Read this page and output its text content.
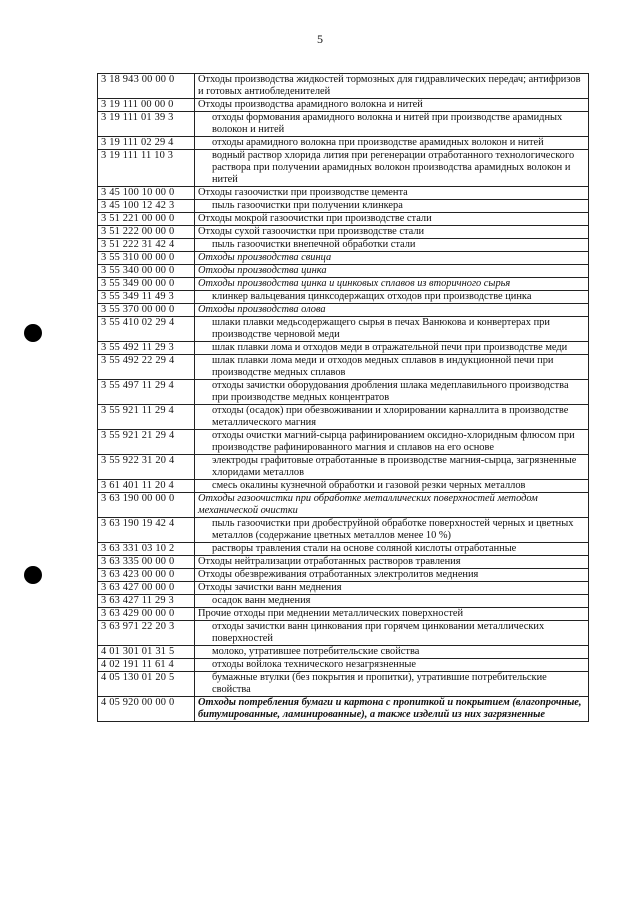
5
3 18 943 00 00 0	Отходы производства жидкостей тормозных для гидравлических передач; антифризов и готовых антиобледенителей
3 19 111 00 00 0	Отходы производства арамидного волокна и нитей
3 19 111 01 39 3	отходы формования арамидного волокна и нитей при производстве арамидных волокон и нитей
3 19 111 02 29 4	отходы арамидного волокна при производстве арамидных волокон и нитей
3 19 111 11 10 3	водный раствор хлорида лития при регенерации отработанного технологического раствора при получении арамидных волокон производства арамидных волокон и нитей
3 45 100 10 00 0	Отходы газоочистки при производстве цемента
3 45 100 12 42 3	пыль газоочистки при получении клинкера
3 51 221 00 00 0	Отходы мокрой газоочистки при производстве стали
3 51 222 00 00 0	Отходы сухой газоочистки при производстве стали
3 51 222 31 42 4	пыль газоочистки внепечной обработки стали
3 55 310 00 00 0	Отходы производства свинца
3 55 340 00 00 0	Отходы производства цинка
3 55 349 00 00 0	Отходы производства цинка и цинковых сплавов из вторичного сырья
3 55 349 11 49 3	клинкер вальцевания цинксодержащих отходов при производстве цинка
3 55 370 00 00 0	Отходы производства олова
3 55 410 02 29 4	шлаки плавки медьсодержащего сырья в печах Ванюкова и конвертерах при производстве черновой меди
3 55 492 11 29 3	шлак плавки лома и отходов меди в отражательной печи при производстве меди
3 55 492 22 29 4	шлак плавки лома меди и отходов медных сплавов в индукционной печи при производстве медных сплавов
3 55 497 11 29 4	отходы зачистки оборудования дробления шлака медеплавильного производства при производстве медных концентратов
3 55 921 11 29 4	отходы (осадок) при обезвоживании и хлорировании карналлита в производстве металлического магния
3 55 921 21 29 4	отходы очистки магний-сырца рафинированием оксидно-хлоридным флюсом при производстве рафинированного магния и сплавов на его основе
3 55 922 31 20 4	электроды графитовые отработанные в производстве магния-сырца, загрязненные хлоридами металлов
3 61 401 11 20 4	смесь окалины кузнечной обработки и газовой резки черных металлов
3 63 190 00 00 0	Отходы газоочистки при обработке металлических поверхностей методом механической очистки
3 63 190 19 42 4	пыль газоочистки при дробеструйной обработке поверхностей черных и цветных металлов (содержание цветных металлов менее 10 %)
3 63 331 03 10 2	растворы травления стали на основе соляной кислоты отработанные
3 63 335 00 00 0	Отходы нейтрализации отработанных растворов травления
3 63 423 00 00 0	Отходы обезвреживания отработанных электролитов меднения
3 63 427 00 00 0	Отходы зачистки ванн меднения
3 63 427 11 29 3	осадок ванн меднения
3 63 429 00 00 0	Прочие отходы при меднении металлических поверхностей
3 63 971 22 20 3	отходы зачистки ванн цинкования при горячем цинковании металлических поверхностей
4 01 301 01 31 5	молоко, утратившее потребительские свойства
4 02 191 11 61 4	отходы войлока технического незагрязненные
4 05 130 01 20 5	бумажные втулки (без покрытия и пропитки), утратившие потребительские свойства
4 05 920 00 00 0	Отходы потребления бумаги и картона с пропиткой и покрытием (влагопрочные, битумированные, ламинированные), а также изделий из них загрязненные
